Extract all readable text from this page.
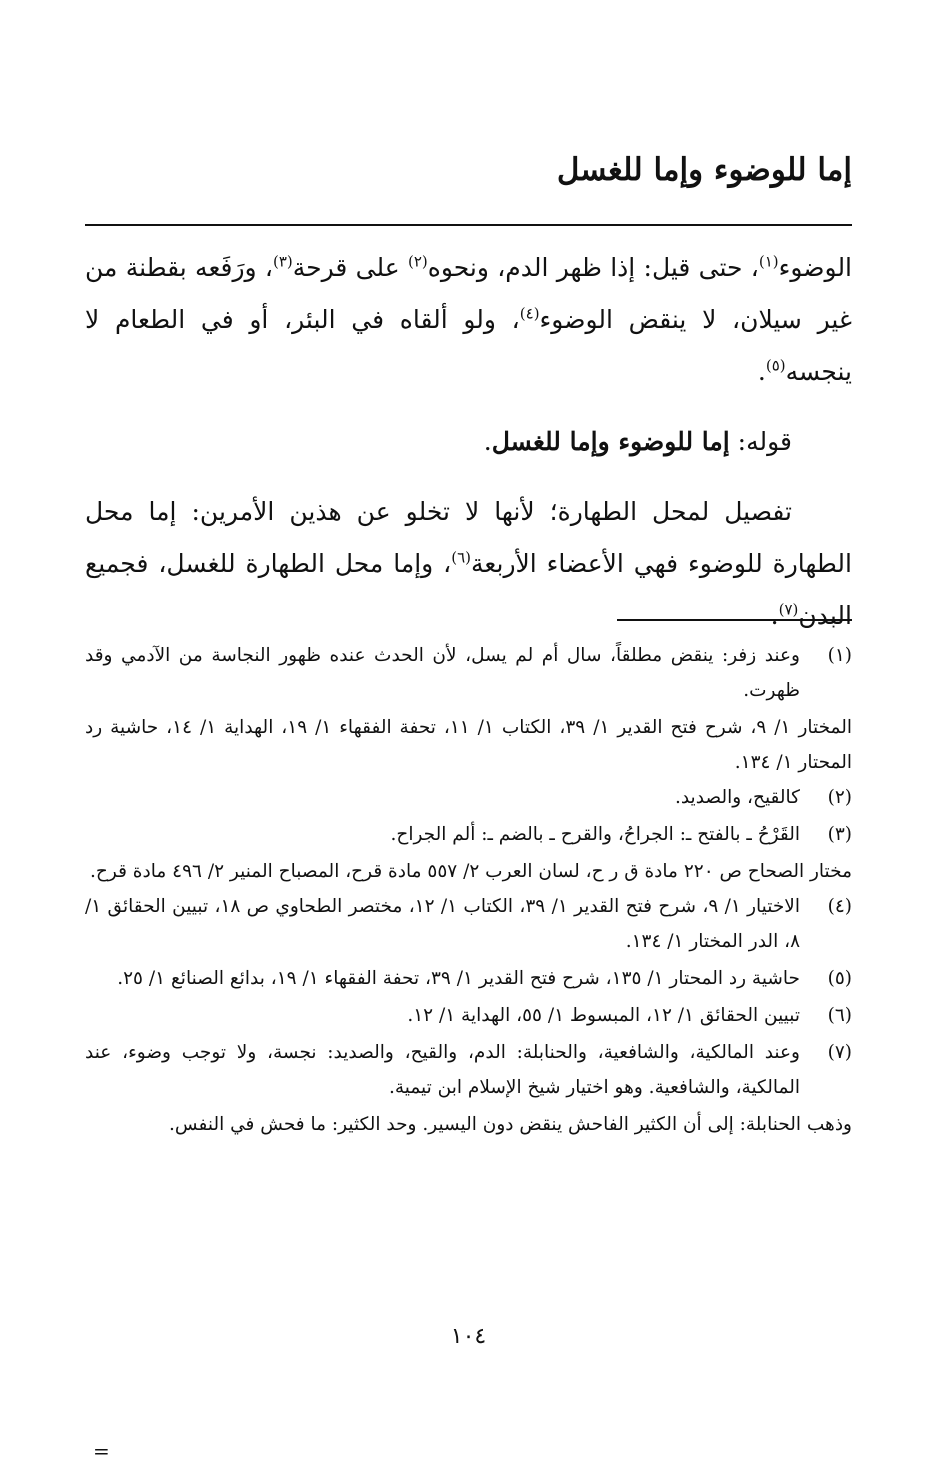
إما للوضوء وإما للغسل

الوضوء$^{(١)}$، حتى قيل: إذا ظهر الدم، ونحوه$^{(٢)}$ على قرحة$^{(٣)}$، ورَفَعه بقطنة من غير سيلان، لا ينقض الوضوء$^{(٤)}$، ولو ألقاه في البئر، أو في الطعام لا ينجسه$^{(٥)}$.

قوله: إما للوضوء وإما للغسل.

تفصيل لمحل الطهارة؛ لأنها لا تخلو عن هذين الأمرين: إما محل الطهارة للوضوء فهي الأعضاء الأربعة$^{(٦)}$، وإما محل الطهارة للغسل، فجميع البدن$^{(٧)}$.

(١)

وعند زفر: ينقض مطلقاً، سال أم لم يسل، لأن الحدث عنده ظهور النجاسة من الآدمي وقد ظهرت.

المختار ١/ ٩، شرح فتح القدير ١/ ٣٩، الكتاب ١/ ١١، تحفة الفقهاء ١/ ١٩، الهداية ١/ ١٤، حاشية رد المحتار ١/ ١٣٤.

(٢)

كالقيح، والصديد.

(٣)

القَرْحُ ـ بالفتح ـ: الجراحُ، والقرح ـ بالضم ـ: ألم الجراح.

مختار الصحاح ص ٢٢٠ مادة ق ر ح، لسان العرب ٢/ ٥٥٧ مادة قرح، المصباح المنير ٢/ ٤٩٦ مادة قرح.

(٤)

الاختيار ١/ ٩، شرح فتح القدير ١/ ٣٩، الكتاب ١/ ١٢، مختصر الطحاوي ص ١٨، تبيين الحقائق ١/ ٨، الدر المختار ١/ ١٣٤.

(٥)

حاشية رد المحتار ١/ ١٣٥، شرح فتح القدير ١/ ٣٩، تحفة الفقهاء ١/ ١٩، بدائع الصنائع ١/ ٢٥.

(٦)

تبيين الحقائق ١/ ١٢، المبسوط ١/ ٥٥، الهداية ١/ ١٢.

(٧)

وعند المالكية، والشافعية، والحنابلة: الدم، والقيح، والصديد: نجسة، ولا توجب وضوء، عند المالكية، والشافعية. وهو اختيار شيخ الإسلام ابن تيمية.

وذهب الحنابلة: إلى أن الكثير الفاحش ينقض دون اليسير. وحد الكثير: ما فحش في النفس.

١٠٤
=
